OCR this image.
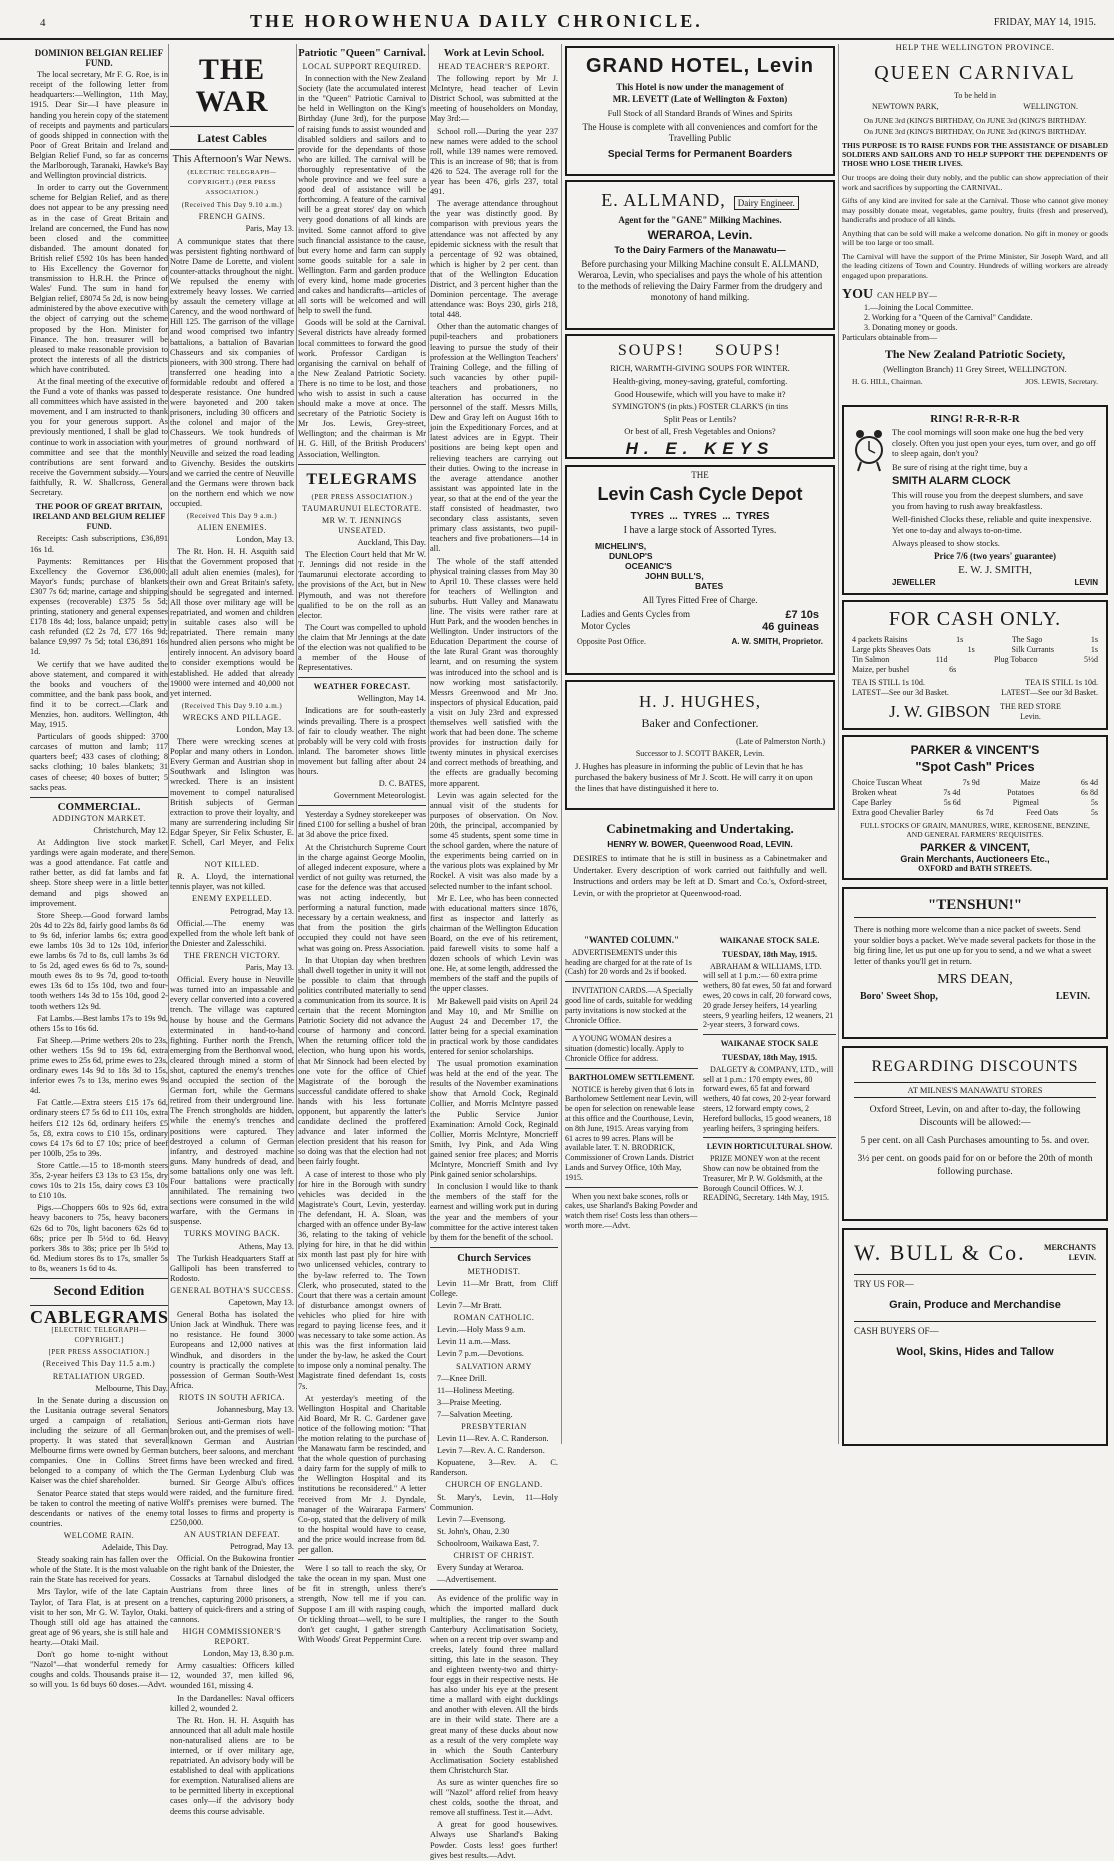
4	THE HOROWHENUA DAILY CHRONICLE.	FRIDAY, MAY 14, 1915.

DOMINION BELGIAN RELIEF FUND.

The local secretary, Mr F. G. Roe, is in receipt of the following letter from headquarters:—Wellington, 11th May, 1915. Dear Sir—I have pleasure in handing you herein copy of the statement of receipts and payments and particulars of goods shipped in connection with the Poor of Great Britain and Ireland and Belgian Relief Fund, so far as concerns the Marlborough, Taranaki, Hawke's Bay and Wellington provincial districts.

In order to carry out the Government scheme for Belgian Relief, and as there does not appear to be any pressing need as in the case of Great Britain and Ireland are concerned, the Fund has now been closed and the committee disbanded. The amount donated for British relief £592 10s has been handed to His Excellency the Governor for transmission to H.R.H. the Prince of Wales' Fund. The sum in hand for Belgian relief, £8074 5s 2d, is now being administered by the above executive with the object of carrying out the scheme proposed by the Hon. Minister for Finance. The hon. treasurer will be pleased to make reasonable provision to protect the interests of all the districts which have contributed.

At the final meeting of the executive of the Fund a vote of thanks was passed to all committees which have assisted in the movement, and I am instructed to thank you for your generous support. As previously mentioned, I shall be glad to continue to work in association with your committee and see that the monthly contributions are sent forward and receive the Government subsidy.—Yours faithfully, R. W. Shallcross, General Secretary.

THE POOR OF GREAT BRITAIN, IRELAND AND BELGIUM RELIEF FUND.

Receipts: Cash subscriptions, £36,891 16s 1d.

Payments: Remittances per His Excellency the Governor £36,000; Mayor's funds; purchase of blankets £307 7s 6d; marine, cartage and shipping expenses (recoverable) £375 5s 5d; printing, stationery and general expenses £178 18s 4d; loss, balance unpaid; petty cash refunded (£2 2s 7d, £77 16s 9d; balance £9,997 7s 5d; total £36,891 16s 1d.

We certify that we have audited the above statement, and compared it with the books and vouchers of the committee, and the bank pass book, and find it to be correct.—Clark and Menzies, hon. auditors. Wellington, 4th May, 1915.

Particulars of goods shipped: 3700 carcases of mutton and lamb; 117 quarters beef; 433 cases of clothing; 8 sacks clothing; 10 bales blankets; 31 cases of cheese; 40 boxes of butter; 5 sacks peas.

COMMERCIAL.

ADDINGTON MARKET.

Christchurch, May 12.

At Addington live stock market yardings were again moderate, and there was a good attendance. Fat cattle and rather better, as did fat lambs and fat sheep. Store sheep were in a little better demand and pigs showed an improvement.

Store Sheep.—Good forward lambs 20s 4d to 22s 8d, fairly good lambs 8s 6d to 9s 6d, inferior lambs 6s; extra good ewe lambs 10s 3d to 12s 10d, inferior ewe lambs 6s 7d to 8s, cull lambs 3s 6d to 5s 2d, aged ewes 6s 6d to 7s, sound-mouth ewes 8s to 9s 7d, good to-tooth ewes 13s 6d to 15s 10d, two and four-tooth wethers 14s 3d to 15s 10d, good 2-tooth wethers 12s 9d.

Fat Lambs.—Best lambs 17s to 19s 9d, others 15s to 16s 6d.

Fat Sheep.—Prime wethers 20s to 23s, other wethers 15s 9d to 19s 6d, extra prime ewes to 25s 6d, prime ewes to 23s, ordinary ewes 14s 9d to 18s 3d to 15s, inferior ewes 7s to 13s, merino ewes 9s 4d.

Fat Cattle.—Extra steers £15 17s 6d, ordinary steers £7 5s 6d to £11 10s, extra heifers £12 12s 6d, ordinary heifers £5 5s, £8, extra cows to £10 15s, ordinary cows £4 17s 6d to £7 10s; price of beef per 100lb, 25s to 39s.

Store Cattle.—15 to 18-month steers 35s, 2-year heifers £3 13s to £3 15s, dry cows 10s to 21s 15s, dairy cows £3 10s to £10 10s.

Pigs.—Choppers 60s to 92s 6d, extra heavy baconers to 75s, heavy baconers 62s 6d to 70s, light baconers 62s 6d to 68s; price per lb 5½d to 6d. Heavy porkers 38s to 38s; price per lb 5½d to 6d. Medium stores 8s to 17s, smaller 5s to 8s, weaners 1s 6d to 4s.

Second Edition

CABLEGRAMS

[ELECTRIC TELEGRAPH—COPYRIGHT.]

[PER PRESS ASSOCIATION.]

(Received This Day 11.5 a.m.)

RETALIATION URGED.

Melbourne, This Day.

In the Senate during a discussion on the Lusitania outrage several Senators urged a campaign of retaliation, including the seizure of all German property. It was stated that several Melbourne firms were owned by German companies. One in Collins Street belonged to a company of which the Kaiser was the chief shareholder.

Senator Pearce stated that steps would be taken to control the meeting of native descendants or natives of the enemy countries.

WELCOME RAIN.

Adelaide, This Day.

Steady soaking rain has fallen over the whole of the State. It is the most valuable rain the State has received for years.

Mrs Taylor, wife of the late Captain Taylor, of Tara Flat, is at present on a visit to her son, Mr G. W. Taylor, Otaki. Though still old age has attained the great age of 96 years, she is still hale and hearty.—Otaki Mail.

Don't go home to-night without "Nazol"—that wonderful remedy for coughs and colds. Thousands praise it—so will you. 1s 6d buys 60 doses.—Advt.

THE WAR

Latest Cables

This Afternoon's War News.

(ELECTRIC TELEGRAPH—COPYRIGHT.) (PER PRESS ASSOCIATION.)

(Received This Day 9.10 a.m.)

FRENCH GAINS.

Paris, May 13.

A communique states that there was persistent fighting northward of Notre Dame de Lorette, and violent counter-attacks throughout the night. We repulsed the enemy with extremely heavy losses. We carried by assault the cemetery village at Carency, and the wood northward of Hill 125. The garrison of the village and wood comprised two infantry battalions, a battalion of Bavarian Chasseurs and six companies of pioneers, with 300 strong. There had transferred one heading into a formidable redoubt and offered a desperate resistance. One hundred were bayoneted and 200 taken prisoners, including 30 officers and the colonel and major of the Chasseurs. We took hundreds of metres of ground northward of Neuville and seized the road leading to Givenchy. Besides the outskirts and we carried the centre of Neuville and the Germans were thrown back on the northern end which we now occupied.

(Received This Day 9 a.m.)

ALIEN ENEMIES.

London, May 13.

The Rt. Hon. H. H. Asquith said that the Government proposed that all adult alien enemies (males), for their own and Great Britain's safety, should be segregated and interned. All those over military age will be repatriated, and women and children in suitable cases also will be repatriated. There remain many hundred alien persons who might be entirely innocent. An advisory board to consider exemptions would be established. He added that already 19000 were interned and 40,000 not yet interned.

(Received This Day 9.10 a.m.)

WRECKS AND PILLAGE.

London, May 13.

There were wrecking scenes at Poplar and many others in London. Every German and Austrian shop in Southwark and Islington was wrecked. There is an insistent movement to compel naturalised British subjects of German extraction to prove their loyalty, and many are surrendering including Sir Edgar Speyer, Sir Felix Schuster, E. F. Schell, Carl Meyer, and Felix Semon.

NOT KILLED.

R. A. Lloyd, the international tennis player, was not killed.

ENEMY EXPELLED.

Petrograd, May 13.

Official.—The enemy was expelled from the whole left bank of the Dniester and Zalesschiki.

THE FRENCH VICTORY.

Paris, May 13.

Official. Every house in Neuville was turned into an impassable and every cellar converted into a covered trench. The village was captured house by house and the Germans exterminated in hand-to-hand fighting. Further north the French, emerging from the Berthonval wood, cleared through mined a storm of shot, captured the enemy's trenches and occupied the section of the German fort, while the Germans retired from their underground line. The French strongholds are hidden, while the enemy's trenches and positions were captured. They destroyed a column of German infantry, and destroyed machine guns. Many hundreds of dead, and some battalions only one was left. Four battalions were practically annihilated. The remaining two sections were consumed in the wild warfare, with the Germans in suspense.

TURKS MOVING BACK.

Athens, May 13.

The Turkish Headquarters Staff at Gallipoli has been transferred to Rodosto.

GENERAL BOTHA'S SUCCESS.

Capetown, May 13.

General Botha has isolated the Union Jack at Windhuk. There was no resistance. He found 3000 Europeans and 12,000 natives at Windhuk, and disorders in the country is practically the complete possession of German South-West Africa.

RIOTS IN SOUTH AFRICA.

Johannesburg, May 13.

Serious anti-German riots have broken out, and the premises of well-known German and Austrian butchers, beer saloons, and merchant firms have been wrecked and fired. The German Lydenburg Club was burned. Sir George Albu's offices were raided, and the furniture fired. Wolff's premises were burned. The total losses to firms and property is £250,000.

AN AUSTRIAN DEFEAT.

Petrograd, May 13.

Official. On the Bukowina frontier on the right bank of the Dniester, the Cossacks at Tarnabul dislodged the Austrians from three lines of trenches, capturing 2000 prisoners, a battery of quick-firers and a string of cannons.

HIGH COMMISSIONER'S REPORT.

London, May 13, 8.30 p.m.

Army casualties: Officers killed 12, wounded 37, men killed 96, wounded 161, missing 4.

In the Dardanelles: Naval officers killed 2, wounded 2.

The Rt. Hon. H. H. Asquith has announced that all adult male hostile non-naturalised aliens are to be interned, or if over military age, repatriated. An advisory body will be established to deal with applications for exemption. Naturalised aliens are to be permitted liberty in exceptional cases only—if the advisory body deems this course advisable.

Patriotic "Queen" Carnival.

LOCAL SUPPORT REQUIRED.

In connection with the New Zealand Society (late the accumulated interest in the "Queen" Patriotic Carnival to be held in Wellington on the King's Birthday (June 3rd), for the purpose of raising funds to assist wounded and disabled soldiers and sailors and to provide for the dependants of those who are killed. The carnival will be thoroughly representative of the whole province and we feel sure a good deal of assistance will be forthcoming. A feature of the carnival will be a great stores' day on which very good donations of all kinds are invited. Some cannot afford to give such financial assistance to the cause, but every home and farm can supply some goods suitable for a sale in Wellington. Farm and garden produce of every kind, home made groceries and cakes and handicrafts—articles of all sorts will be welcomed and will help to swell the fund.

Goods will be sold at the Carnival. Several districts have already formed local committees to forward the good work. Professor Cardigan is organising the carnival on behalf of the New Zealand Patriotic Society. There is no time to be lost, and those who wish to assist in such a cause should make a move at once. The secretary of the Patriotic Society is Mr Jos. Lewis, Grey-street, Wellington; and the chairman is Mr H. G. Hill, of the British Producers' Association, Wellington.

TELEGRAMS

(PER PRESS ASSOCIATION.)

TAUMARUNUI ELECTORATE.

MR W. T. JENNINGS UNSEATED.

Auckland, This Day.

The Election Court held that Mr W. T. Jennings did not reside in the Taumarunui electorate according to the provisions of the Act, but in New Plymouth, and was not therefore qualified to be on the roll as an elector.

The Court was compelled to uphold the claim that Mr Jennings at the date of the election was not qualified to be a member of the House of Representatives.

WEATHER FORECAST.

Wellington, May 14.

Indications are for south-easterly winds prevailing. There is a prospect of fair to cloudy weather. The night probably will be very cold with frosts inland. The barometer shows little movement but falling after about 24 hours.

D. C. BATES,

Government Meteorologist.

Yesterday a Sydney storekeeper was fined £100 for selling a bushel of bran at 3d above the price fixed.

At the Christchurch Supreme Court in the charge against George Moolin, of alleged indecent exposure, where a verdict of not guilty was returned, the case for the defence was that accused was not acting indecently, but performing a natural function, made necessary by a certain weakness, and that from the position the girls occupied they could not have seen what was going on. Press Association.

In that Utopian day when brethren shall dwell together in unity it will not be possible to claim that through politics contributed materially to send a communication from its source. It is certain that the recent Mornington Patriotic Society did not advance the course of harmony and concord. When the returning officer told the election, who hung upon his words, that Mr Sinnock had been elected by one vote for the office of Chief Magistrate of the borough the successful candidate offered to shake hands with his less fortunate opponent, but apparently the latter's candidate declined the proffered advance and later informed the election president that his reason for so doing was that the election had not been fairly fought.

A case of interest to those who ply for hire in the Borough with sundry vehicles was decided in the Magistrate's Court, Levin, yesterday. The defendant, H. A. Sloan, was charged with an offence under By-law 36, relating to the taking of vehicle plying for hire, in that he did within six month last past ply for hire with two unlicensed vehicles, contrary to the by-law referred to. The Town Clerk, who prosecuted, stated to the Court that there was a certain amount of disturbance amongst owners of vehicles who plied for hire with regard to paying license fees, and it was necessary to take some action. As this was the first information laid under the by-law, he asked the Court to impose only a nominal penalty. The Magistrate fined defendant 1s, costs 7s.

At yesterday's meeting of the Wellington Hospital and Charitable Aid Board, Mr R. C. Gardener gave notice of the following motion: "That the motion relating to the purchase of the Manawatu farm be rescinded, and that the whole question of purchasing a dairy farm for the supply of milk to the Wellington Hospital and its institutions be reconsidered." A letter received from Mr J. Dyndale, manager of the Wairarapa Farmers' Co-op, stated that the delivery of milk to the hospital would have to cease, and the price would increase from 8d. per gallon.

Were I so tall to reach the sky, Or take the ocean in my span. Must one be fit in strength, unless there's strength, Now tell me if you can. Suppose I am ill with rasping cough, Or tickling throat—well, to be sure I don't get caught, I gather strength With Woods' Great Peppermint Cure.

Work at Levin School.

HEAD TEACHER'S REPORT.

The following report by Mr J. McIntyre, head teacher of Levin District School, was submitted at the meeting of householders on Monday, May 3rd:—

School roll.—During the year 237 new names were added to the school roll, while 139 names were removed. This is an increase of 98; that is from 426 to 524. The average roll for the year has been 476, girls 237, total 491.

The average attendance throughout the year was distinctly good. By comparison with previous years the attendance was not affected by any epidemic sickness with the result that a percentage of 92 was obtained, which is higher by 2 per cent. than that of the Wellington Education District, and 3 percent higher than the Dominion percentage. The average attendance was: Boys 230, girls 218, total 448.

Other than the automatic changes of pupil-teachers and probationers leaving to pursue the study of their profession at the Wellington Teachers' Training College, and the filling of such vacancies by other pupil-teachers and probationers, no alteration has occurred in the personnel of the staff. Messrs Mills, Dew and Gray left on August 16th to join the Expeditionary Forces, and at latest advices are in Egypt. Their positions are being kept open and relieving teachers are carrying out their duties. Owing to the increase in the average attendance another assistant was appointed late in the year, so that at the end of the year the staff consisted of headmaster, two secondary class assistants, seven primary class assistants, two pupil-teachers and five probationers—14 in all.

The whole of the staff attended physical training classes from May 30 to April 10. These classes were held for teachers of Wellington and suburbs. Hutt Valley and Manawatu line. The visits were rather rare at Hutt Park, and the wooden benches in Wellington. Under instructors of the Education Department the course of the late Rural Grant was thoroughly learnt, and on resuming the system was introduced into the school and is now working most satisfactorily. Messrs Greenwood and Mr Jno. inspectors of physical Education, paid a visit on July 23rd and expressed themselves well satisfied with the work that had been done. The scheme provides for instruction daily for twenty minutes in physical exercises and correct methods of breathing, and the effects are gradually becoming more apparent.

Levin was again selected for the annual visit of the students for purposes of observation. On Nov. 20th, the principal, accompanied by some 45 students, spent some time in the school garden, where the nature of the experiments being carried on in the various plots was explained by Mr Rockel. A visit was also made by a selected number to the infant school.

Mr E. Lee, who has been connected with educational matters since 1876, first as inspector and latterly as chairman of the Wellington Education Board, on the eve of his retirement, paid farewell visits to some half a dozen schools of which Levin was one. He, at some length, addressed the members of the staff and the pupils of the upper classes.

Mr Bakewell paid visits on April 24 and May 10, and Mr Smillie on August 24 and December 17, the latter being for a special examination in practical work by those candidates entered for senior scholarships.

The usual promotion examination was held at the end of the year. The results of the November examinations show that Arnold Cock, Reginald Collier, and Morris McIntyre passed the Public Service Junior Examination: Arnold Cock, Reginald Collier, Morris McIntyre, Moncrieff Smith, Ivy Pink, and Ada Wing gained senior free places; and Morris McIntyre, Moncrieff Smith and Ivy Pink gained senior scholarships.

In conclusion I would like to thank the members of the staff for the earnest and willing work put in during the year and the members of your committee for the active interest taken by them for the benefit of the school.

Church Services

METHODIST.

Levin 11—Mr Bratt, from Cliff College.

Levin 7—Mr Bratt.

ROMAN CATHOLIC.

Levin.—Holy Mass 9 a.m.

Levin 11 a.m.—Mass.

Levin 7 p.m.—Devotions.

SALVATION ARMY

7—Knee Drill.

11—Holiness Meeting.

3—Praise Meeting.

7—Salvation Meeting.

PRESBYTERIAN

Levin 11—Rev. A. C. Randerson.

Levin 7—Rev. A. C. Randerson.

Kopuatene, 3—Rev. A. C. Randerson.

CHURCH OF ENGLAND.

St. Mary's, Levin, 11—Holy Communion.

Levin 7—Evensong.

St. John's, Ohau, 2.30

Schoolroom, Waikawa East, 7.

CHRIST OF CHRIST.

Every Sunday at Weraroa.

—Advertisement.

As evidence of the prolific way in which the imported mallard duck multiplies, the ranger to the South Canterbury Acclimatisation Society, when on a recent trip over swamp and creeks, lately found three mallard sitting, this late in the season. They and eighteen twenty-two and thirty-four eggs in their respective nests. He has also under his eye at the present time a mallard with eight ducklings and another with eleven. All the birds are in their wild state. There are a great many of these ducks about now as a result of the very complete way in which the South Canterbury Acclimatisation Society established them Christchurch Star.

As sure as winter quenches fire so will "Nazol" afford relief from heavy chest colds, soothe the throat, and remove all stuffiness. Test it.—Advt.

A great for good housewives. Always use Sharland's Baking Powder. Costs less! goes further! gives best results.—Advt.

GRAND HOTEL, Levin
This Hotel is now under the management of
MR. LEVETT (Late of Wellington & Foxton)
Full Stock of all Standard Brands of Wines and Spirits
The House is complete with all conveniences and comfort for the Travelling Public
Special Terms for Permanent Boarders
E. ALLMAND,	Dairy Engineer.
Agent for the "GANE" Milking Machines.
WERAROA, Levin.
To the Dairy Farmers of the Manawatu—
Before purchasing your Milking Machine consult E. ALLMAND, Weraroa, Levin, who specialises and pays the whole of his attention to the methods of relieving the Dairy Farmer from the drudgery and monotony of hand milking.
SOUPS!     SOUPS!
RICH, WARMTH-GIVING SOUPS FOR WINTER.
Health-giving, money-saving, grateful, comforting.
Good Housewife, which will you have to make it?
SYMINGTON'S (in pkts.) FOSTER CLARK'S (in tins
Split Peas or Lentils?
Or best of all, Fresh Vegetables and Onions?
H. E. KEYS
THE
Levin Cash Cycle Depot
TYRES  ...  TYRES  ...  TYRES
I have a large stock of Assorted Tyres.
MICHELIN'S,
DUNLOP'S
OCEANIC'S
JOHN BULL'S,
BATES
All Tyres Fitted Free of Charge.
Ladies and Gents Cycles from	£7 10s
Motor Cycles	46 guineas
Opposite Post Office.	A. W. SMITH, Proprietor.
H. J. HUGHES,
Baker and Confectioner.
(Late of Palmerston North.)
Successor to J. SCOTT BAKER, Levin.
J. Hughes has pleasure in informing the public of Levin that he has purchased the bakery business of Mr J. Scott. He will carry it on upon the lines that have distinguished it here to.
Cabinetmaking and Undertaking.
HENRY W. BOWER, Queenwood Road, LEVIN.
DESIRES to intimate that he is still in business as a Cabinetmaker and Undertaker. Every description of work carried out faithfully and well. Instructions and orders may be left at D. Smart and Co.'s, Oxford-street, Levin, or with the proprietor at Queenwood-road.

"WANTED COLUMN."

ADVERTISEMENTS under this heading are charged for at the rate of 1s (Cash) for 20 words and 2s if booked.

INVITATION CARDS.—A Specially good line of cards, suitable for wedding party invitations is now stocked at the Chronicle Office.

A YOUNG WOMAN desires a situation (domestic) locally. Apply to Chronicle Office for address.

BARTHOLOMEW SETTLEMENT.

NOTICE is hereby given that 6 lots in Bartholomew Settlement near Levin, will be open for selection on renewable lease at this office and the Courthouse, Levin, on 8th June, 1915. Areas varying from 61 acres to 99 acres. Plans will be available later. T. N. BRODRICK, Commissioner of Crown Lands. District Lands and Survey Office, 10th May, 1915.

When you next bake scones, rolls or cakes, use Sharland's Baking Powder and watch them rise! Costs less than others—worth more.—Advt.

WAIKANAE STOCK SALE.

TUESDAY, 18th May, 1915.

ABRAHAM & WILLIAMS, LTD. will sell at 1 p.m.:— 60 extra prime wethers, 80 fat ewes, 50 fat and forward ewes, 20 cows in calf, 20 forward cows, 20 grade Jersey heifers, 14 yearling steers, 9 yearling heifers, 12 weaners, 21 2-year steers, 3 forward cows.

WAIKANAE STOCK SALE

TUESDAY, 18th May, 1915.

DALGETY & COMPANY, LTD., will sell at 1 p.m.: 170 empty ewes, 80 forward ewes, 65 fat and forward wethers, 40 fat cows, 20 2-year forward steers, 12 forward empty cows, 2 Hereford bullocks, 15 good weaners, 18 yearling heifers, 3 springing heifers.

LEVIN HORTICULTURAL SHOW.

PRIZE MONEY won at the recent Show can now be obtained from the Treasurer, Mr P. W. Goldsmith, at the Borough Council Offices. W. J. READING, Secretary. 14th May, 1915.

HELP THE WELLINGTON PROVINCE.
QUEEN CARNIVAL
To be held in
NEWTOWN PARK,	WELLINGTON.
On JUNE 3rd (KING'S BIRTHDAY, On JUNE 3rd (KING'S BIRTHDAY.
On JUNE 3rd (KING'S BIRTHDAY, On JUNE 3rd (KING'S BIRTHDAY.
THIS PURPOSE IS TO RAISE FUNDS FOR THE ASSISTANCE OF DISABLED SOLDIERS AND SAILORS AND TO HELP SUPPORT THE DEPENDENTS OF THOSE WHO LOSE THEIR LIVES.
Our troops are doing their duty nobly, and the public can show appreciation of their work and sacrifices by supporting the CARNIVAL.
Gifts of any kind are invited for sale at the Carnival. Those who cannot give money may possibly donate meat, vegetables, game poultry, fruits (fresh and preserved), handicrafts and produce of all kinds.
Anything that can be sold will make a welcome donation. No gift in money or goods will be too large or too small.
The Carnival will have the support of the Prime Minister, Sir Joseph Ward, and all the leading citizens of Town and Country. Hundreds of willing workers are already engaged upon preparations.
YOU CAN HELP BY—
1.—Joining the Local Committee.
2. Working for a "Queen of the Carnival" Candidate.
3. Donating money or goods.
Particulars obtainable from—
The New Zealand Patriotic Society,
(Wellington Branch) 11 Grey Street, WELLINGTON.
H. G. HILL, Chairman.	JOS. LEWIS, Secretary.
RING! R-R-R-R-R
The cool mornings will soon make one hug the bed very closely. Often you just open your eyes, turn over, and go off to sleep again, don't you?
Be sure of rising at the right time, buy a
SMITH ALARM CLOCK
This will rouse you from the deepest slumbers, and save you from having to rush away breakfastless.
Well-finished Clocks these, reliable and quite inexpensive. Yet one to-day and always to-on-time.
Always pleased to show stocks.
Price 7/6 (two years' guarantee)
E. W. J. SMITH,
JEWELLER	LEVIN
FOR CASH ONLY.
4 packets Raisins	1s	The Sago	1s
Large pkts Sheaves Oats	1s	Silk Currants	1s
Tin Salmon	11d	Plug Tobacco	5½d
Maize, per bushel	6s
TEA IS STILL 1s 10d.	TEA IS STILL 1s 10d.
LATEST—See our 3d Basket.	LATEST—See our 3d Basket.
J. W. GIBSON THE RED STORE
Levin.
PARKER & VINCENT'S
"Spot Cash" Prices
Choice Tuscan Wheat	7s 9d	Maize	6s 4d
Broken wheat	7s 4d	Potatoes	6s 8d
Cape Barley	5s 6d	Pigmeal	5s
Extra good Chevalier Barley	6s 7d	Feed Oats	5s
FULL STOCKS OF GRAIN, MANURES, WIRE, KEROSENE, BENZINE, AND GENERAL FARMERS' REQUISITES.
PARKER & VINCENT,
Grain Merchants, Auctioneers Etc.,
OXFORD and BATH STREETS.
"TENSHUN!"
There is nothing more welcome than a nice packet of sweets. Send your soldier boys a packet. We've made several packets for those in the big firing line, let us put one up for you to send, a nd we what a sweet letter of thanks you'll get in return.
MRS DEAN,
Boro' Sweet Shop,	LEVIN.
REGARDING DISCOUNTS
AT MILNES'S MANAWATU STORES
Oxford Street, Levin, on and after to-day, the following Discounts will be allowed:—
5 per cent. on all Cash Purchases amounting to 5s. and over.
3½ per cent. on goods paid for on or before the 20th of month following purchase.
W. BULL & Co. MERCHANTS
LEVIN.
TRY US FOR—
Grain, Produce and Merchandise
CASH BUYERS OF—
Wool, Skins, Hides and Tallow
